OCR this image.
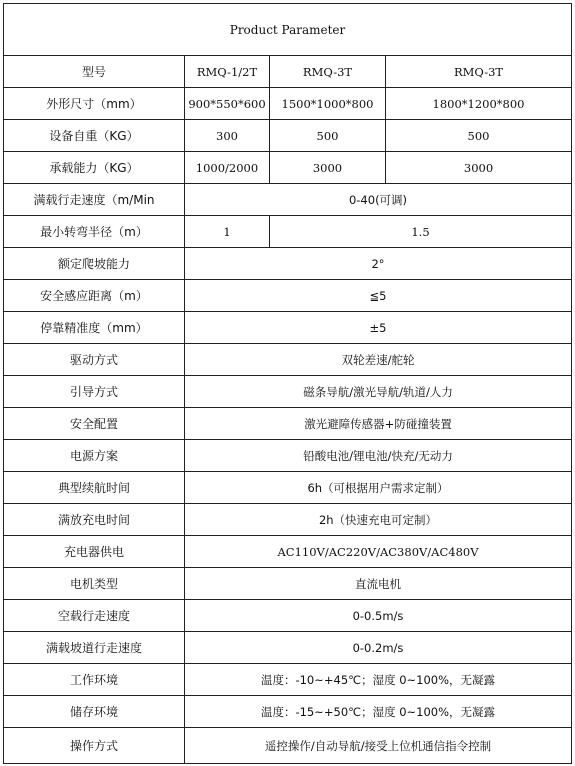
Product Parameter			
型号	RMQ-1/2T	RMQ-3T	RMQ-3T
外形尺寸（mm）	900*550*600	1500*1000*800	1800*1200*800
设备自重（KG）	300	500	500
承载能力（KG）	1000/2000	3000	3000
满载行走速度（m/Min	0-40(可调)		
最小转弯半径（m）	1	1.5	
额定爬坡能力	2°		
安全感应距离（m）	≦5		
停靠精准度（mm）	±5		
驱动方式	双轮差速/舵轮		
引导方式	磁条导航/激光导航/轨道/人力		
安全配置	激光避障传感器+防碰撞装置		
电源方案	铅酸电池/锂电池/快充/无动力		
典型续航时间	6h（可根据用户需求定制）		
满放充电时间	2h（快速充电可定制）		
充电器供电	AC110V/AC220V/AC380V/AC480V		
电机类型	直流电机		
空载行走速度	0-0.5m/s		
满载坡道行走速度	0-0.2m/s		
工作环境	温度：-10~+45℃；湿度 0~100%，无凝露		
储存环境	温度：-15~+50℃；湿度 0~100%，无凝露		
操作方式	遥控操作/自动导航/接受上位机通信指令控制		
